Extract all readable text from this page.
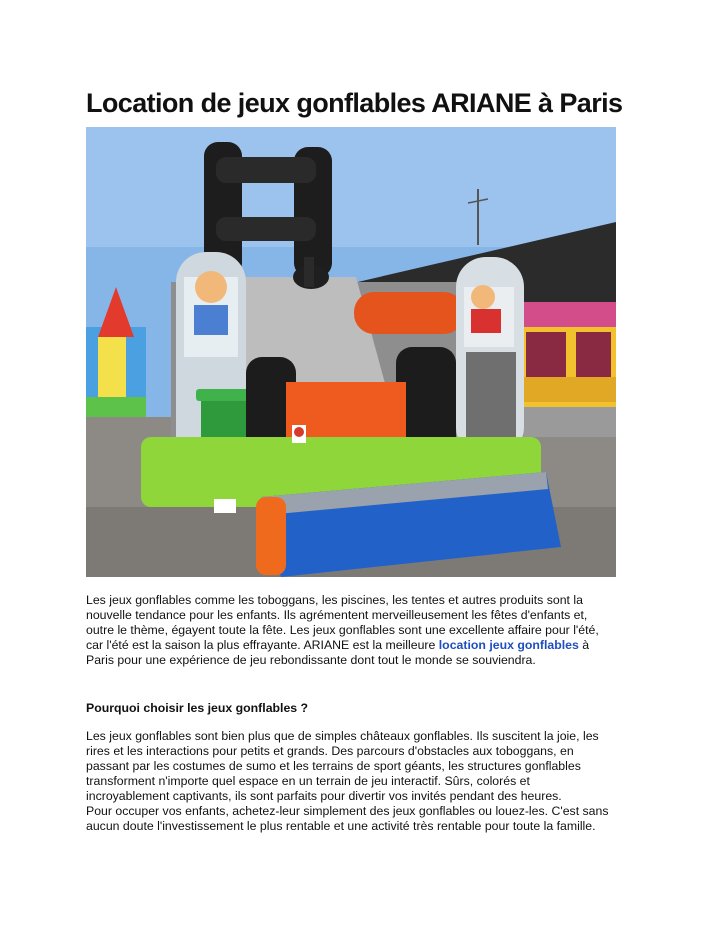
Location de jeux gonflables ARIANE à Paris
Les jeux gonflables comme les toboggans, les piscines, les tentes et autres produits sont la
nouvelle tendance pour les enfants. Ils agrémentent merveilleusement les fêtes d'enfants et,
outre le thème, égayent toute la fête. Les jeux gonflables sont une excellente affaire pour l'été,
car l'été est la saison la plus effrayante. ARIANE est la meilleure location jeux gonflables à
Paris pour une expérience de jeu rebondissante dont tout le monde se souviendra.
Pourquoi choisir les jeux gonflables ?
Les jeux gonflables sont bien plus que de simples châteaux gonflables. Ils suscitent la joie, les
rires et les interactions pour petits et grands. Des parcours d'obstacles aux toboggans, en
passant par les costumes de sumo et les terrains de sport géants, les structures gonflables
transforment n'importe quel espace en un terrain de jeu interactif. Sûrs, colorés et
incroyablement captivants, ils sont parfaits pour divertir vos invités pendant des heures.
Pour occuper vos enfants, achetez-leur simplement des jeux gonflables ou louez-les. C'est sans
aucun doute l'investissement le plus rentable et une activité très rentable pour toute la famille.
